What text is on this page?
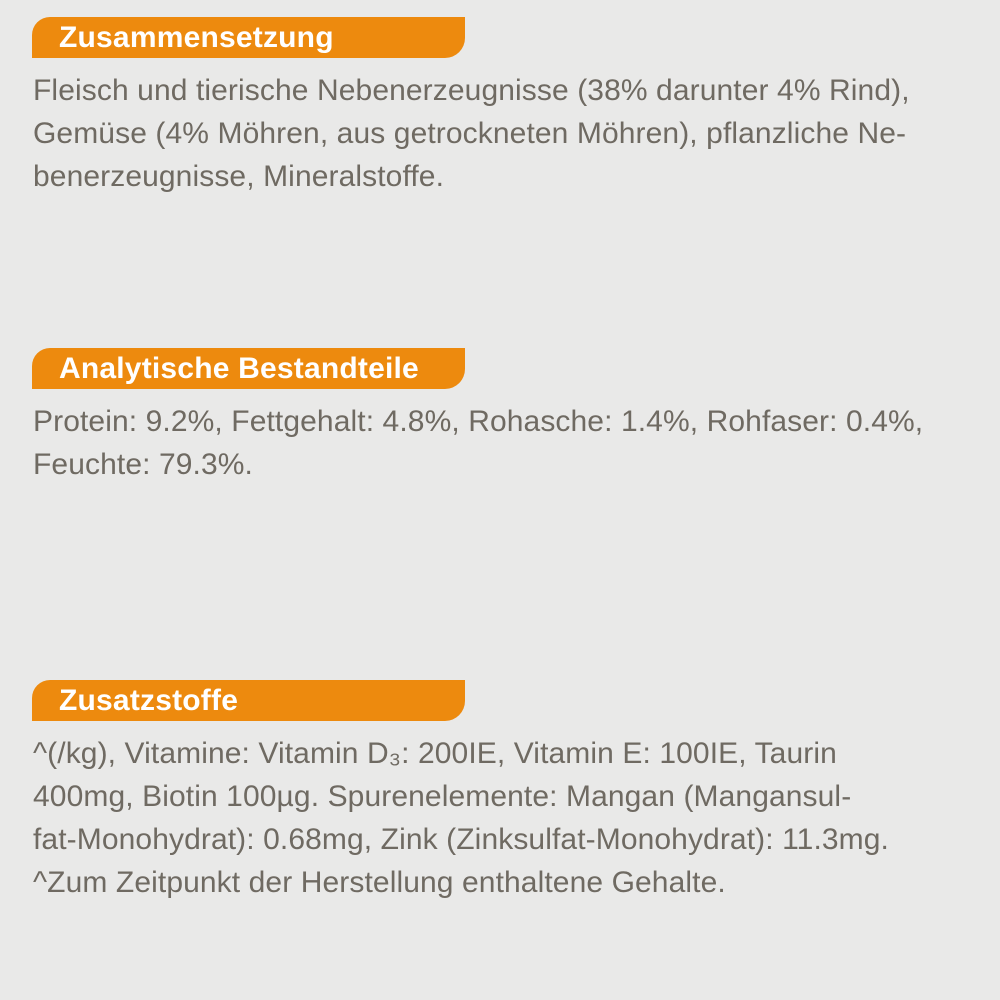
Zusammensetzung
Fleisch und tierische Nebenerzeugnisse (38% darunter 4% Rind),
Gemüse (4% Möhren, aus getrockneten Möhren), pflanzliche Ne-
benerzeugnisse, Mineralstoffe.
Analytische Bestandteile
Protein: 9.2%, Fettgehalt: 4.8%, Rohasche: 1.4%, Rohfaser: 0.4%,
Feuchte: 79.3%.
Zusatzstoffe
^(/kg), Vitamine: Vitamin D₃: 200IE, Vitamin E: 100IE, Taurin
400mg, Biotin 100µg. Spurenelemente: Mangan (Mangansul-
fat-Monohydrat): 0.68mg, Zink (Zinksulfat-Monohydrat): 11.3mg.
^Zum Zeitpunkt der Herstellung enthaltene Gehalte.
